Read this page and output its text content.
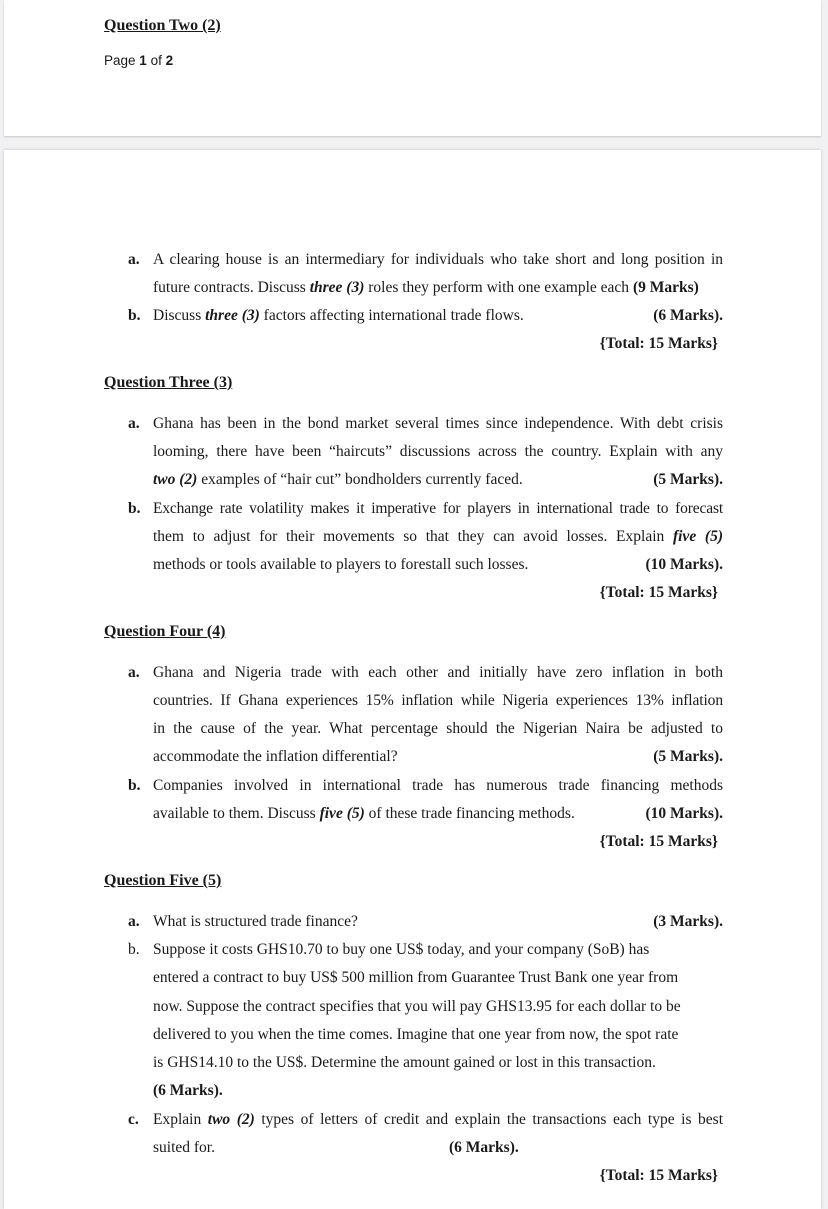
Question Two (2)
Page 1 of 2
a. A clearing house is an intermediary for individuals who take short and long position in
future contracts. Discuss three (3) roles they perform with one example each (9 Marks)
b. Discuss three (3) factors affecting international trade flows.	(6 Marks).
{Total: 15 Marks}
Question Three (3)
a. Ghana has been in the bond market several times since independence. With debt crisis
looming, there have been “haircuts” discussions across the country. Explain with any
two (2) examples of “hair cut” bondholders currently faced.	(5 Marks).
b. Exchange rate volatility makes it imperative for players in international trade to forecast
them to adjust for their movements so that they can avoid losses. Explain five (5)
methods or tools available to players to forestall such losses.	(10 Marks).
{Total: 15 Marks}
Question Four (4)
a. Ghana and Nigeria trade with each other and initially have zero inflation in both
countries. If Ghana experiences 15% inflation while Nigeria experiences 13% inflation
in the cause of the year. What percentage should the Nigerian Naira be adjusted to
accommodate the inflation differential?	(5 Marks).
b. Companies involved in international trade has numerous trade financing methods
available to them. Discuss five (5) of these trade financing methods.	(10 Marks).
{Total: 15 Marks}
Question Five (5)
a. What is structured trade finance?	(3 Marks).
b. Suppose it costs GHS10.70 to buy one US$ today, and your company (SoB) has
entered a contract to buy US$ 500 million from Guarantee Trust Bank one year from
now. Suppose the contract specifies that you will pay GHS13.95 for each dollar to be
delivered to you when the time comes. Imagine that one year from now, the spot rate
is GHS14.10 to the US$. Determine the amount gained or lost in this transaction.
(6 Marks).
c. Explain two (2) types of letters of credit and explain the transactions each type is best
suited for.	(6 Marks).
{Total: 15 Marks}
